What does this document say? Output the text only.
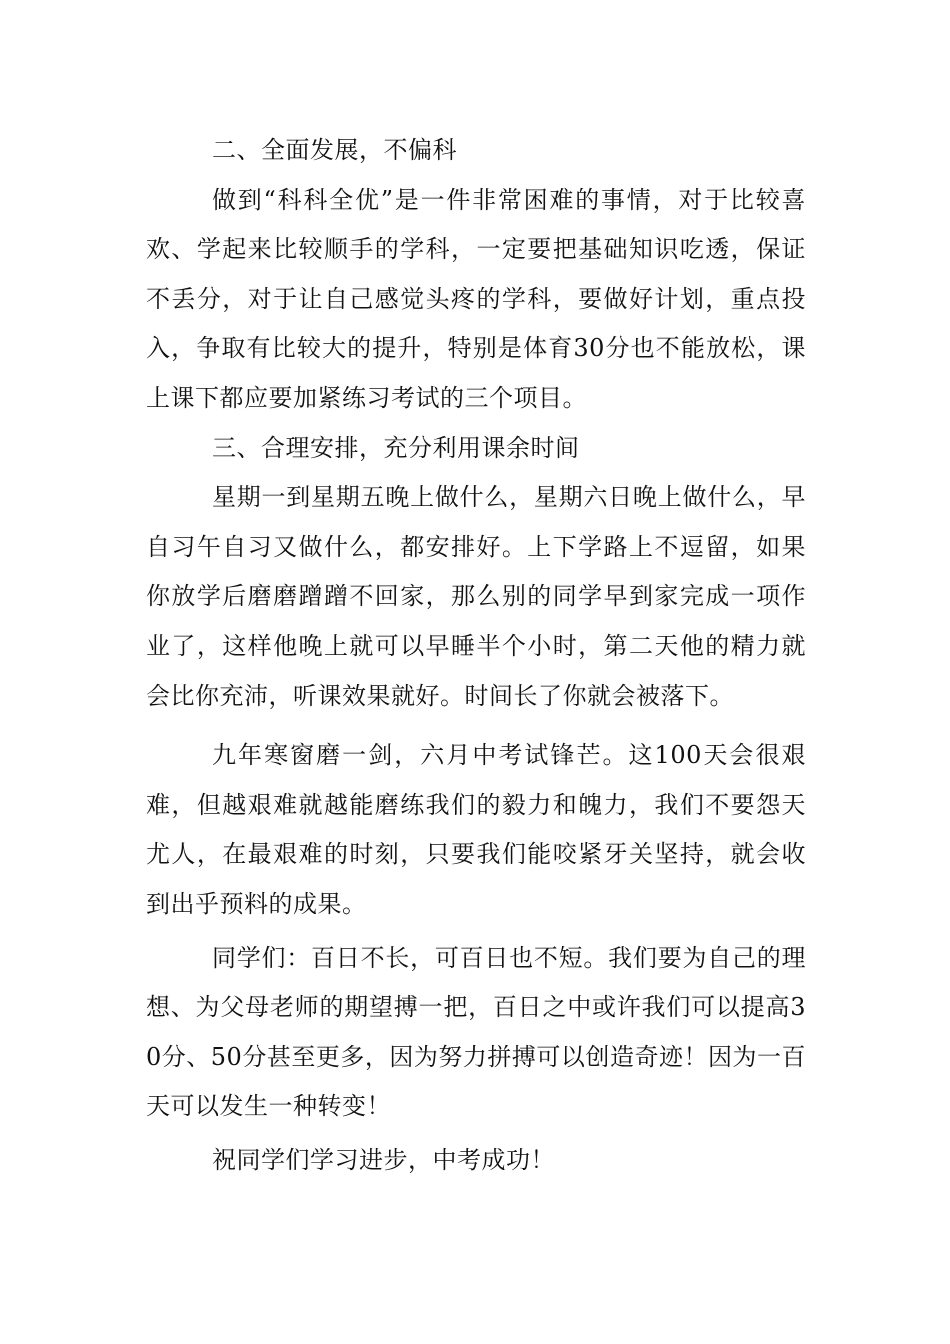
二、全面发展，不偏科

做到“科科全优”是一件非常困难的事情，对于比较喜欢、学起来比较顺手的学科，一定要把基础知识吃透，保证不丢分，对于让自己感觉头疼的学科，要做好计划，重点投入，争取有比较大的提升，特别是体育30分也不能放松，课上课下都应要加紧练习考试的三个项目。

三、合理安排，充分利用课余时间

星期一到星期五晚上做什么，星期六日晚上做什么，早自习午自习又做什么，都安排好。上下学路上不逗留，如果你放学后磨磨蹭蹭不回家，那么别的同学早到家完成一项作业了，这样他晚上就可以早睡半个小时，第二天他的精力就会比你充沛，听课效果就好。时间长了你就会被落下。

九年寒窗磨一剑，六月中考试锋芒。这100天会很艰难，但越艰难就越能磨练我们的毅力和魄力，我们不要怨天尤人，在最艰难的时刻，只要我们能咬紧牙关坚持，就会收到出乎预料的成果。

同学们：百日不长，可百日也不短。我们要为自己的理想、为父母老师的期望搏一把，百日之中或许我们可以提高30分、50分甚至更多，因为努力拼搏可以创造奇迹！因为一百天可以发生一种转变！

祝同学们学习进步，中考成功！
